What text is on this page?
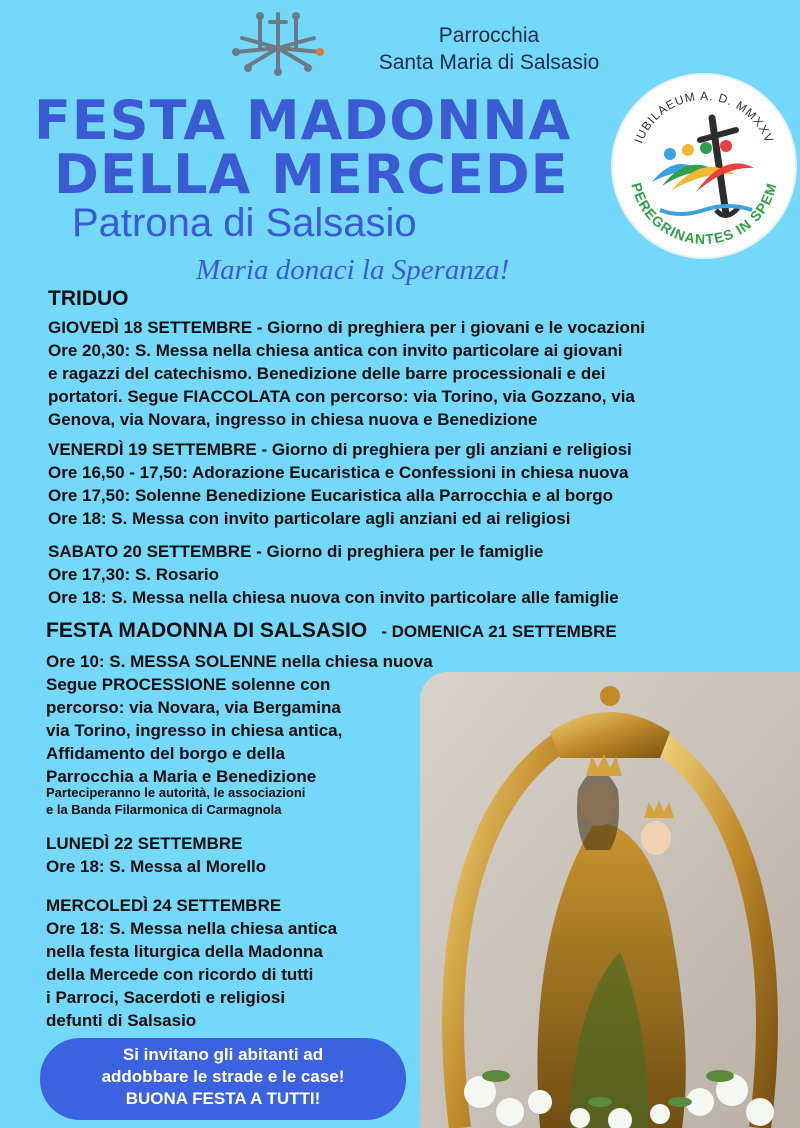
Parrocchia
Santa Maria di Salsasio
FESTA MADONNA
DELLA MERCEDE
Patrona di Salsasio
Maria donaci la Speranza!
IUBILAEUM A. D. MMXXV
PEREGRINANTES IN SPEM
TRIDUO
GIOVEDÌ 18 SETTEMBRE - Giorno di preghiera per i giovani e le vocazioni
Ore 20,30: S. Messa nella chiesa antica con invito particolare ai giovani
e ragazzi del catechismo. Benedizione delle barre processionali e dei
portatori. Segue FIACCOLATA con percorso: via Torino, via Gozzano, via
Genova, via Novara, ingresso in chiesa nuova e Benedizione
VENERDÌ 19 SETTEMBRE - Giorno di preghiera per gli anziani e religiosi
Ore 16,50 - 17,50: Adorazione Eucaristica e Confessioni in chiesa nuova
Ore 17,50: Solenne Benedizione Eucaristica alla Parrocchia e al borgo
Ore 18: S. Messa con invito particolare agli anziani ed ai religiosi
SABATO 20 SETTEMBRE - Giorno di preghiera per le famiglie
Ore 17,30: S. Rosario
Ore 18: S. Messa nella chiesa nuova con invito particolare alle famiglie
FESTA MADONNA DI SALSASIO - DOMENICA 21 SETTEMBRE
Ore 10: S. MESSA SOLENNE nella chiesa nuova
Segue PROCESSIONE solenne con
percorso: via Novara, via Bergamina
via Torino, ingresso in chiesa antica,
Affidamento del borgo e della
Parrocchia a Maria e Benedizione
Parteciperanno le autorità, le associazioni
e la Banda Filarmonica di Carmagnola
LUNEDÌ 22 SETTEMBRE
Ore 18: S. Messa al Morello
MERCOLEDÌ 24 SETTEMBRE
Ore 18: S. Messa nella chiesa antica
nella festa liturgica della Madonna
della Mercede con ricordo di tutti
i Parroci, Sacerdoti e religiosi
defunti di Salsasio
Si invitano gli abitanti ad
addobbare le strade e le case!
BUONA FESTA A TUTTI!
